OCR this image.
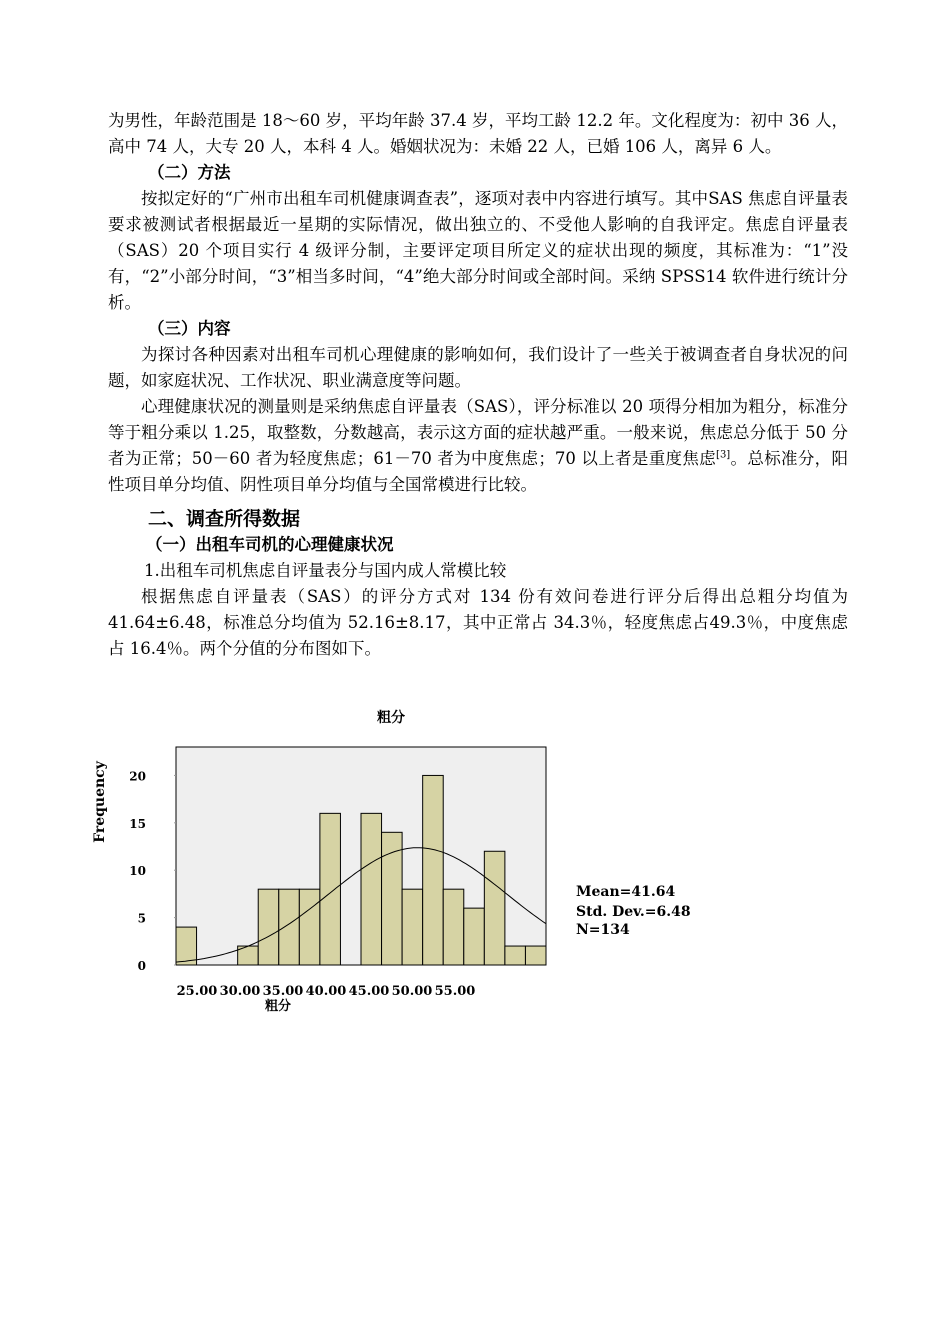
为男性，年龄范围是 18～60 岁，平均年龄 37.4 岁，平均工龄 12.2 年。文化程度为：初中 36 人，高中 74 人，大专 20 人，本科 4 人。婚姻状况为：未婚 22 人，已婚 106 人，离异 6 人。

（二）方法

按拟定好的“广州市出租车司机健康调查表”，逐项对表中内容进行填写。其中SAS 焦虑自评量表要求被测试者根据最近一星期的实际情况，做出独立的、不受他人影响的自我评定。焦虑自评量表（SAS）20 个项目实行 4 级评分制，主要评定项目所定义的症状出现的频度，其标准为：“1”没有，“2”小部分时间，“3”相当多时间，“4”绝大部分时间或全部时间。采纳 SPSS14 软件进行统计分析。

（三）内容

为探讨各种因素对出租车司机心理健康的影响如何，我们设计了一些关于被调查者自身状况的问题，如家庭状况、工作状况、职业满意度等问题。

心理健康状况的测量则是采纳焦虑自评量表（SAS），评分标准以 20 项得分相加为粗分，标准分等于粗分乘以 1.25，取整数，分数越高，表示这方面的症状越严重。一般来说，焦虑总分低于 50 分者为正常；50－60 者为轻度焦虑；61－70 者为中度焦虑；70 以上者是重度焦虑[3]。总标准分，阳性项目单分均值、阴性项目单分均值与全国常模进行比较。

二、调查所得数据
（一）出租车司机的心理健康状况
1.出租车司机焦虑自评量表分与国内成人常模比较

根据焦虑自评量表（SAS）的评分方式对 134 份有效问卷进行评分后得出总粗分均值为 41.64±6.48，标准总分均值为 52.16±8.17，其中正常占 34.3％，轻度焦虑占49.3％，中度焦虑占 16.4％。两个分值的分布图如下。

粗分
0
5
10
15
20
25.00 30.00 35.00 40.00 45.00 50.00 55.00
Frequency
粗分
Mean=41.64
Std. Dev.=6.48
N=134
